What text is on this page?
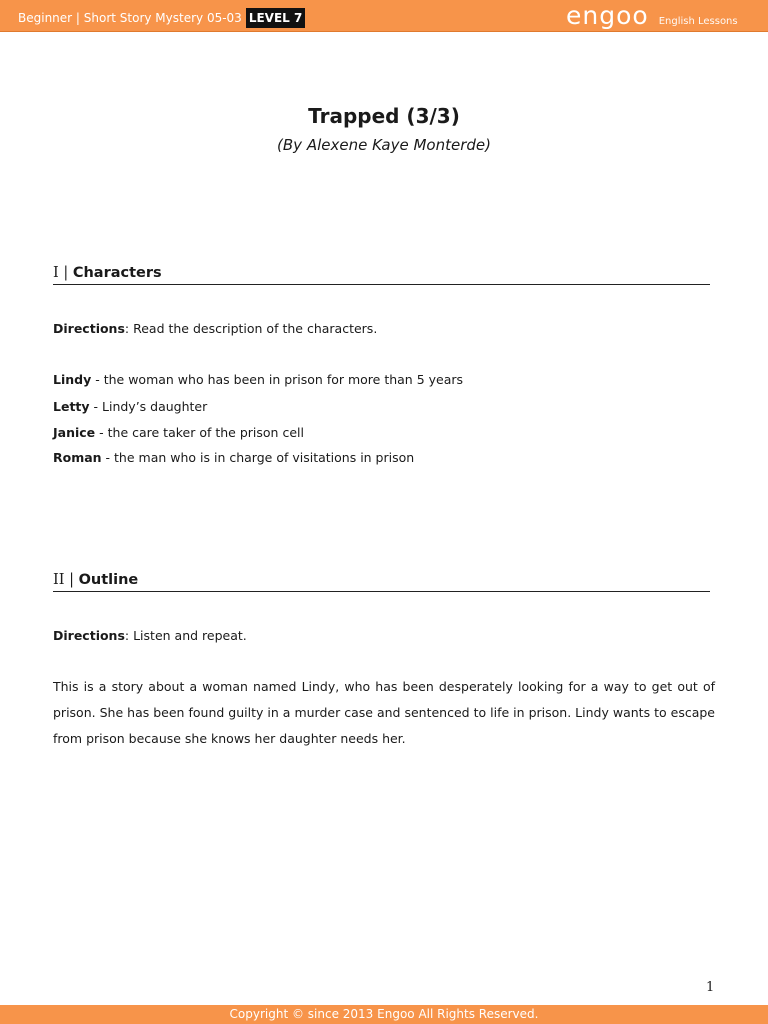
Beginner | Short Story Mystery 05-03 LEVEL 7	engoo English Lessons
Trapped (3/3)
(By Alexene Kaye Monterde)
I | Characters
Directions: Read the description of the characters.
Lindy - the woman who has been in prison for more than 5 years
Letty - Lindy’s daughter
Janice - the care taker of the prison cell
Roman - the man who is in charge of visitations in prison
II | Outline
Directions: Listen and repeat.
This is a story about a woman named Lindy, who has been desperately looking for a way to get out of prison. She has been found guilty in a murder case and sentenced to life in prison. Lindy wants to escape from prison because she knows her daughter needs her.
1
Copyright © since 2013 Engoo All Rights Reserved.
